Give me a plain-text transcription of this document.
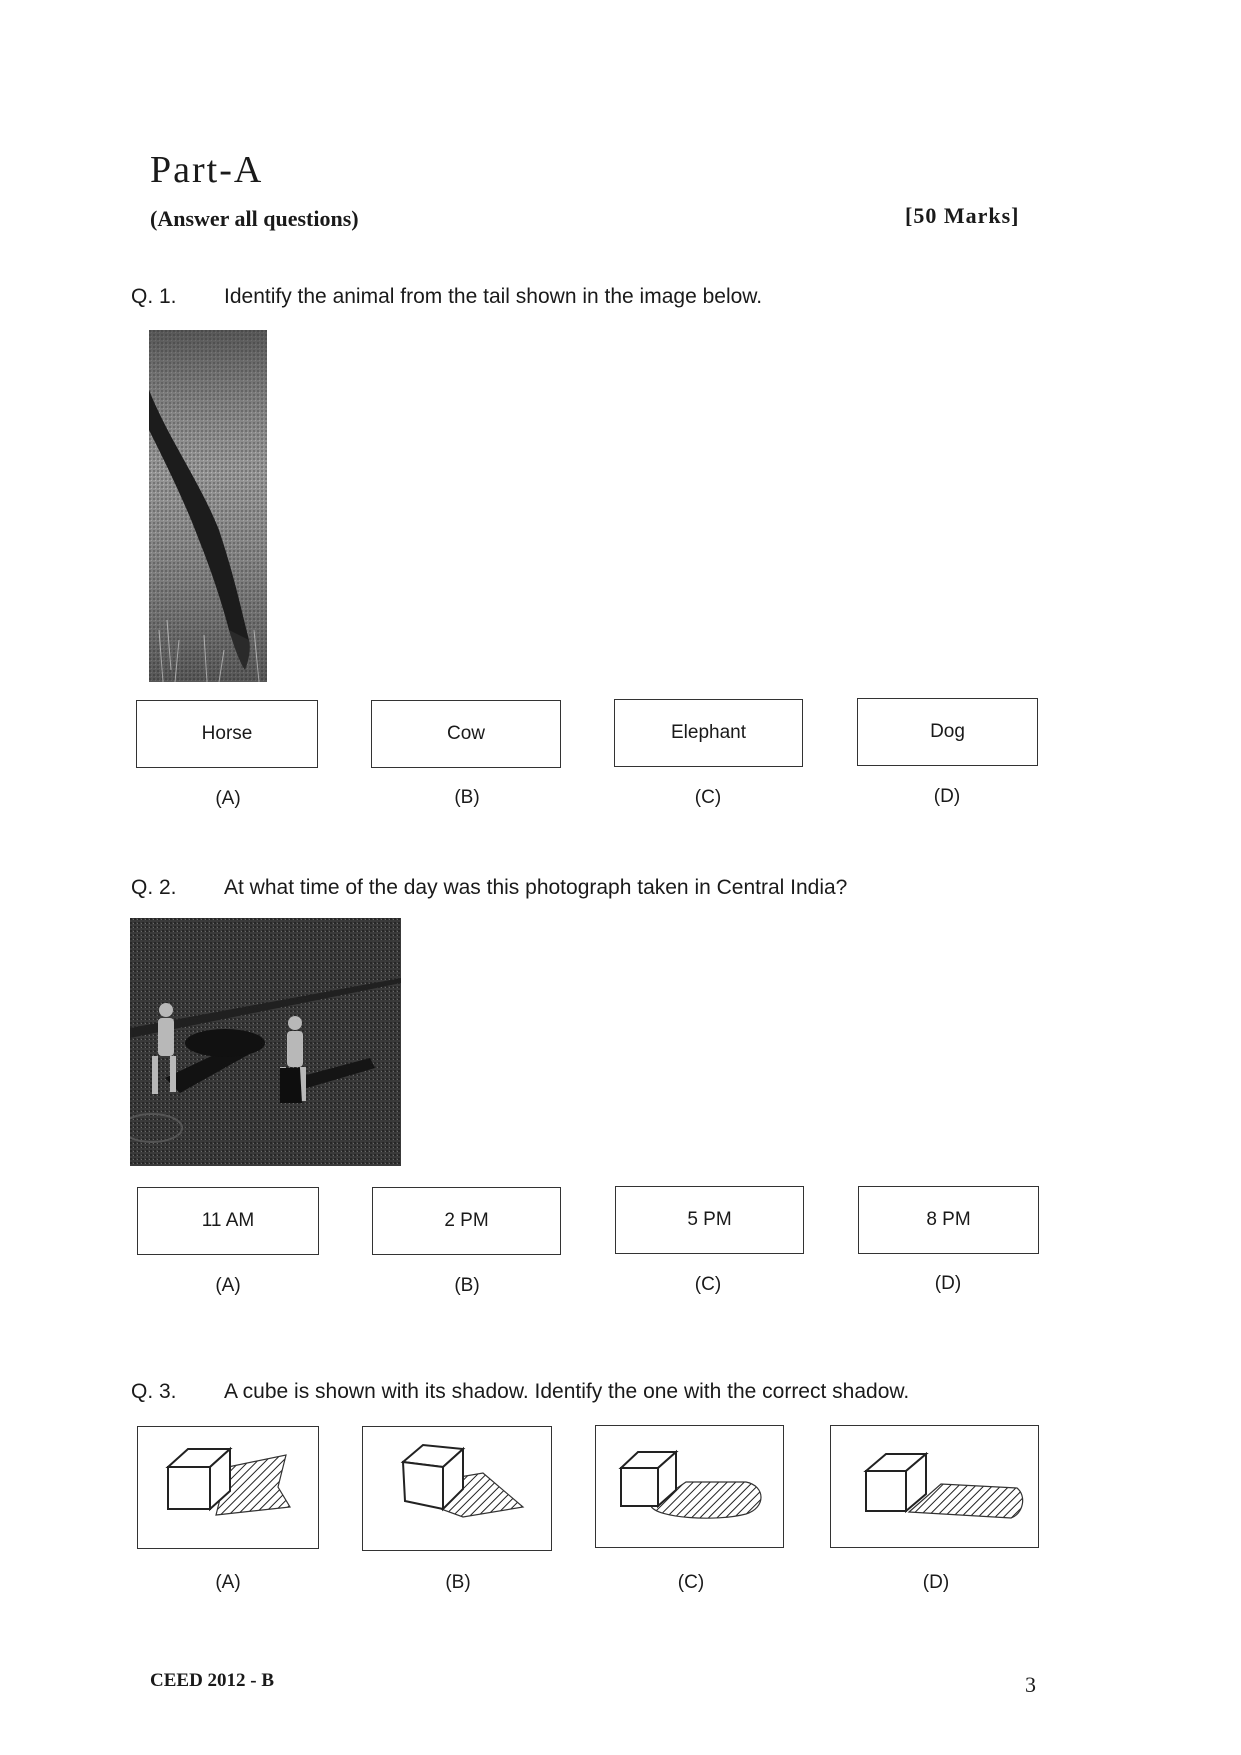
Part-A
(Answer all questions)	[50 Marks]
Q. 1. Identify the animal from the tail shown in the image below.
Horse	Cow	Elephant	Dog
(A)	(B)	(C)	(D)
Q. 2. At what time of the day was this photograph taken in Central India?
11 AM	2 PM	5 PM	8 PM
(A)	(B)	(C)	(D)
Q. 3. A cube is shown with its shadow. Identify the one with the correct shadow.
(A)	(B)	(C)	(D)
CEED 2012 - B	3
